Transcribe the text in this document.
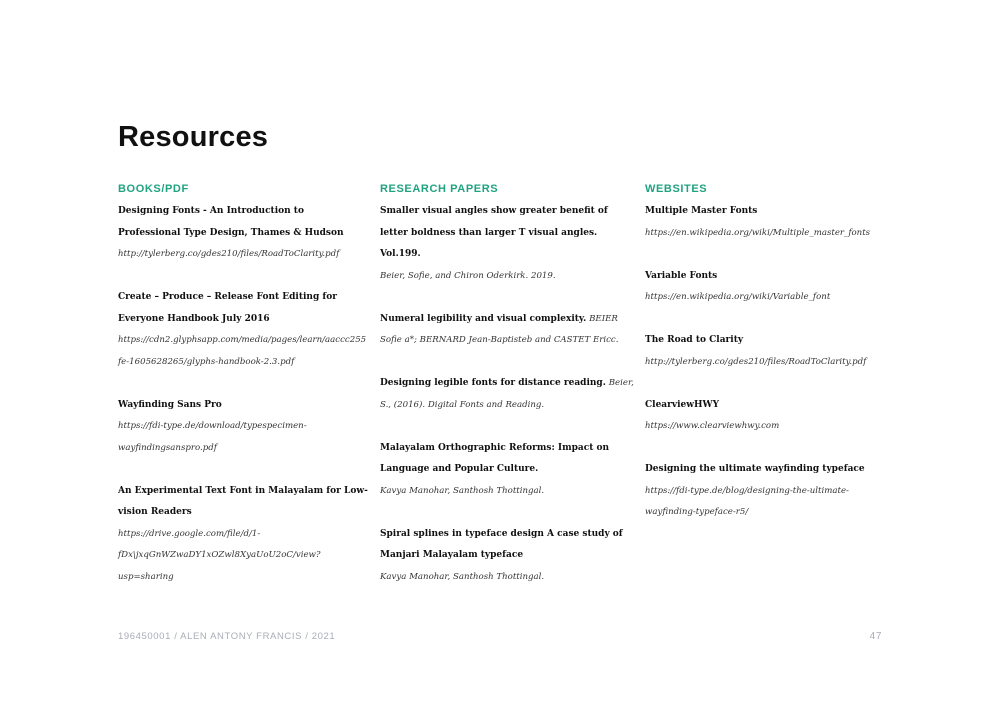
Resources
BOOKS/PDF

Designing Fonts - An Introduction to Professional Type Design, Thames & Hudson
http://tylerberg.co/gdes210/files/RoadToClarity.pdf

Create – Produce – Release Font Editing for Everyone Handbook July 2016
https://cdn2.glyphsapp.com/media/pages/learn/aaccc255fe-1605628265/glyphs-handbook-2.3.pdf

Wayfinding Sans Pro
https://fdi-type.de/download/typespecimen-wayfindingsanspro.pdf

An Experimental Text Font in Malayalam for Low-vision Readers
https://drive.google.com/file/d/1-fDx\jxqGnWZwaDY1xOZwl8XyaUoU2oC/view?usp=sharing

RESEARCH PAPERS

Smaller visual angles show greater benefit of letter boldness than larger T visual angles. Vol.199.
Beier, Sofie, and Chiron Oderkirk. 2019.

Numeral legibility and visual complexity. BEIER Sofie a*; BERNARD Jean-Baptisteb and CASTET Ericc.

Designing legible fonts for distance reading. Beier, S., (2016). Digital Fonts and Reading.

Malayalam Orthographic Reforms: Impact on Language and Popular Culture.
Kavya Manohar, Santhosh Thottingal.

Spiral splines in typeface design A case study of Manjari Malayalam typeface
Kavya Manohar, Santhosh Thottingal.

WEBSITES

Multiple Master Fonts
https://en.wikipedia.org/wiki/Multiple_master_fonts

Variable Fonts
https://en.wikipedia.org/wiki/Variable_font

The Road to Clarity
http://tylerberg.co/gdes210/files/RoadToClarity.pdf

ClearviewHWY
https://www.clearviewhwy.com

Designing the ultimate wayfinding typeface
https://fdi-type.de/blog/designing-the-ultimate-wayfinding-typeface-r5/

196450001 / ALEN ANTONY FRANCIS / 2021	47
